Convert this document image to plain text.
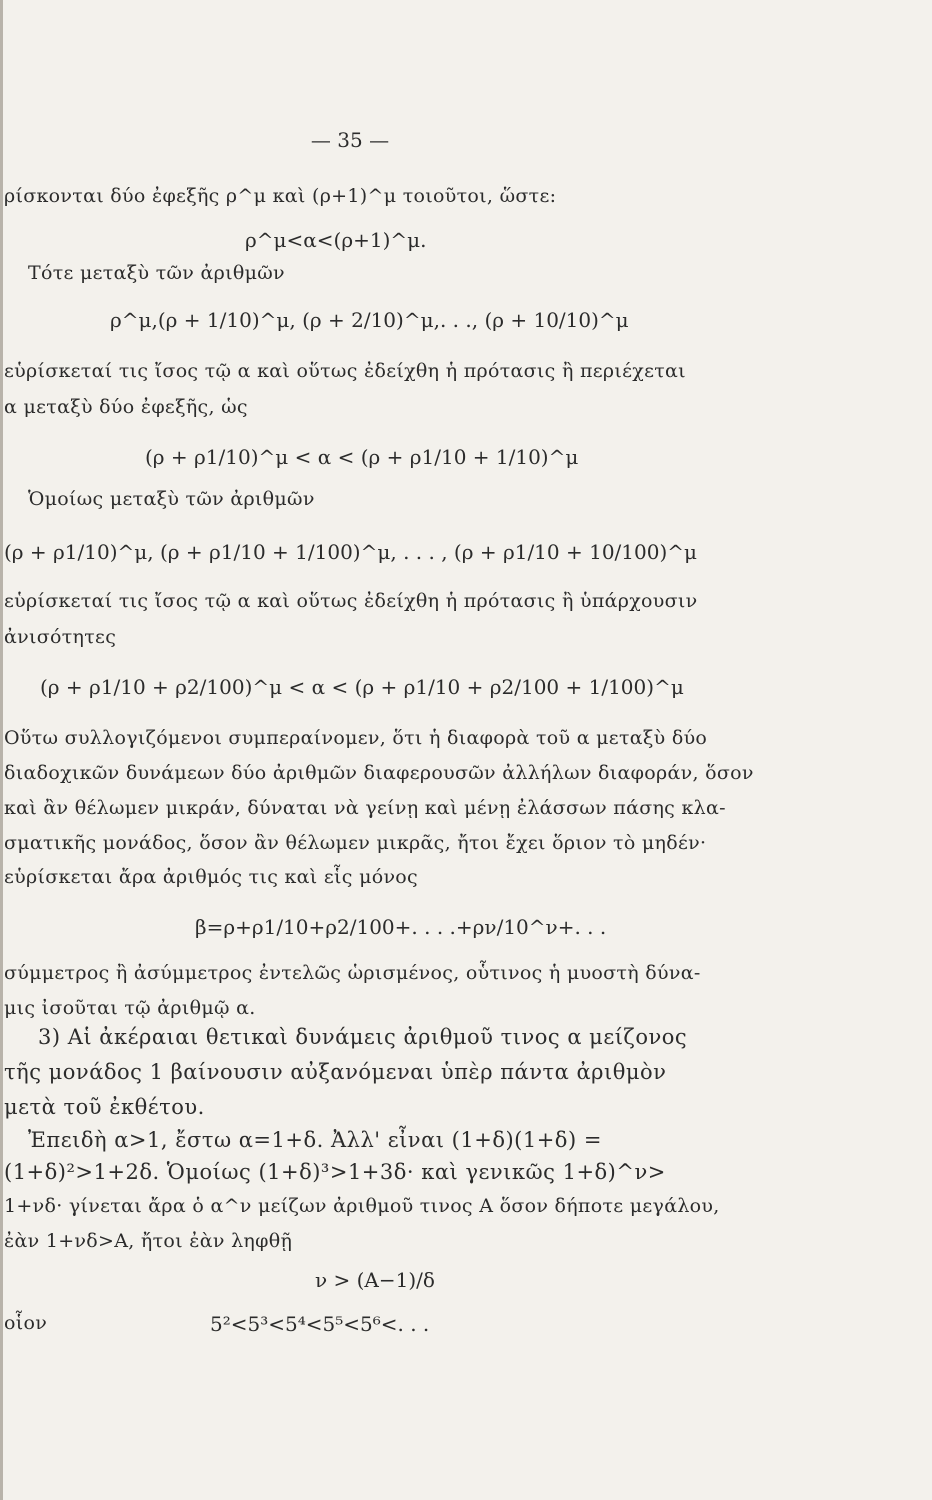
— 35 —
ρίσκονται δύο ἐφεξῆς ρ^μ καὶ (ρ+1)^μ τοιοῦτοι, ὥστε:
ρ^μ<α<(ρ+1)^μ.
Τότε μεταξὺ τῶν ἀριθμῶν
ρ^μ,(ρ + 1/10)^μ, (ρ + 2/10)^μ,. . ., (ρ + 10/10)^μ
εὑρίσκεταί τις ἴσος τῷ α καὶ οὕτως ἐδείχθη ἡ πρότασις ἢ περιέχεται
α μεταξὺ δύο ἐφεξῆς, ὡς
(ρ + ρ1/10)^μ < α < (ρ + ρ1/10 + 1/10)^μ
Ὁμοίως μεταξὺ τῶν ἀριθμῶν
(ρ + ρ1/10)^μ, (ρ + ρ1/10 + 1/100)^μ, . . . , (ρ + ρ1/10 + 10/100)^μ
εὑρίσκεταί τις ἴσος τῷ α καὶ οὕτως ἐδείχθη ἡ πρότασις ἢ ὑπάρχουσιν
ἀνισότητες
(ρ + ρ1/10 + ρ2/100)^μ < α < (ρ + ρ1/10 + ρ2/100 + 1/100)^μ
Οὕτω συλλογιζόμενοι συμπεραίνομεν, ὅτι ἡ διαφορὰ τοῦ α μεταξὺ δύο
διαδοχικῶν δυνάμεων δύο ἀριθμῶν διαφερουσῶν ἀλλήλων διαφοράν, ὅσον
καὶ ἂν θέλωμεν μικράν, δύναται νὰ γείνῃ καὶ μένῃ ἐλάσσων πάσης κλα-
σματικῆς μονάδος, ὅσον ἂν θέλωμεν μικρᾶς, ἤτοι ἔχει ὅριον τὸ μηδέν·
εὑρίσκεται ἄρα ἀριθμός τις καὶ εἷς μόνος
β=ρ+ρ1/10+ρ2/100+. . . .+ρν/10^ν+. . .
σύμμετρος ἢ ἀσύμμετρος ἐντελῶς ὡρισμένος, οὗτινος ἡ μυοστὴ δύνα-
μις ἰσοῦται τῷ ἀριθμῷ α.
3) Αἱ ἀκέραιαι θετικαὶ δυνάμεις ἀριθμοῦ τινος α μείζονος
τῆς μονάδος 1 βαίνουσιν αὐξανόμεναι ὑπὲρ πάντα ἀριθμὸν
μετὰ τοῦ ἐκθέτου.
Ἐπειδὴ α>1, ἔστω α=1+δ. Ἀλλ' εἶναι (1+δ)(1+δ) =
(1+δ)²>1+2δ. Ὁμοίως (1+δ)³>1+3δ· καὶ γενικῶς 1+δ)^ν>
1+νδ· γίνεται ἄρα ὁ α^ν μείζων ἀριθμοῦ τινος Α ὅσον δήποτε μεγάλου,
ἐὰν 1+νδ>Α, ἤτοι ἐὰν ληφθῇ
ν > (Α−1)/δ
οἷον	5²<5³<5⁴<5⁵<5⁶<. . .
